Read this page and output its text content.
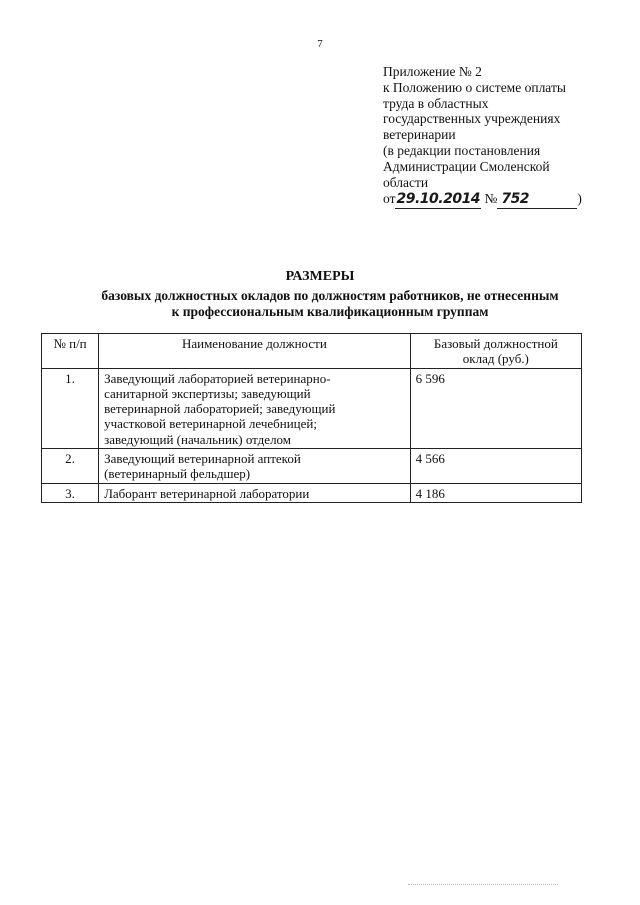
7
Приложение № 2
к Положению о системе оплаты
труда в областных
государственных учреждениях
ветеринарии
(в редакции постановления
Администрации Смоленской
области
от29.10.2014 № 752	)
РАЗМЕРЫ
базовых должностных окладов по должностям работников, не отнесенным
к профессиональным квалификационным группам
№ п/п	Наименование должности	Базовый должностной
оклад (руб.)

1.	Заведующий лабораторией ветеринарно-
санитарной экспертизы; заведующий
ветеринарной лабораторией; заведующий
участковой ветеринарной лечебницей;
заведующий (начальник) отделом	6 596
2.	Заведующий ветеринарной аптекой
(ветеринарный фельдшер)	4 566
3.	Лаборант ветеринарной лаборатории	4 186
